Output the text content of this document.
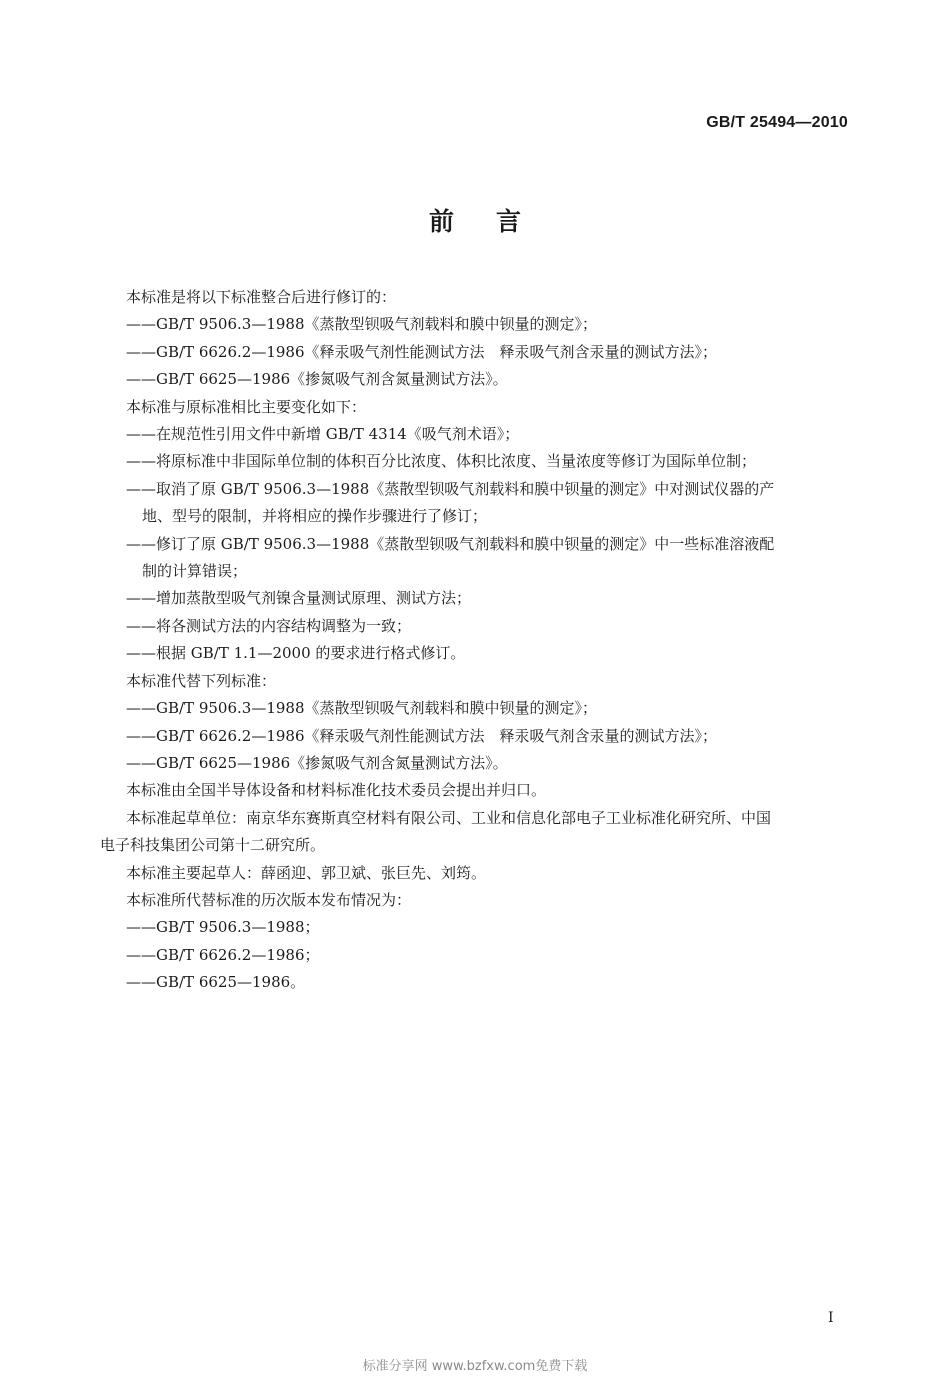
GB/T 25494—2010
前言
本标准是将以下标准整合后进行修订的：
——GB/T 9506.3—1988《蒸散型钡吸气剂载料和膜中钡量的测定》；
——GB/T 6626.2—1986《释汞吸气剂性能测试方法　释汞吸气剂含汞量的测试方法》；
——GB/T 6625—1986《掺氮吸气剂含氮量测试方法》。
本标准与原标准相比主要变化如下：
——在规范性引用文件中新增 GB/T 4314《吸气剂术语》；
——将原标准中非国际单位制的体积百分比浓度、体积比浓度、当量浓度等修订为国际单位制；
——取消了原 GB/T 9506.3—1988《蒸散型钡吸气剂载料和膜中钡量的测定》中对测试仪器的产
地、型号的限制，并将相应的操作步骤进行了修订；
——修订了原 GB/T 9506.3—1988《蒸散型钡吸气剂载料和膜中钡量的测定》中一些标准溶液配
制的计算错误；
——增加蒸散型吸气剂镍含量测试原理、测试方法；
——将各测试方法的内容结构调整为一致；
——根据 GB/T 1.1—2000 的要求进行格式修订。
本标准代替下列标准：
——GB/T 9506.3—1988《蒸散型钡吸气剂载料和膜中钡量的测定》；
——GB/T 6626.2—1986《释汞吸气剂性能测试方法　释汞吸气剂含汞量的测试方法》；
——GB/T 6625—1986《掺氮吸气剂含氮量测试方法》。
本标准由全国半导体设备和材料标准化技术委员会提出并归口。
本标准起草单位：南京华东赛斯真空材料有限公司、工业和信息化部电子工业标准化研究所、中国
电子科技集团公司第十二研究所。
本标准主要起草人：薛函迎、郭卫斌、张巨先、刘筠。
本标准所代替标准的历次版本发布情况为：
——GB/T 9506.3—1988；
——GB/T 6626.2—1986；
——GB/T 6625—1986。
I
标准分享网 www.bzfxw.com免费下载
